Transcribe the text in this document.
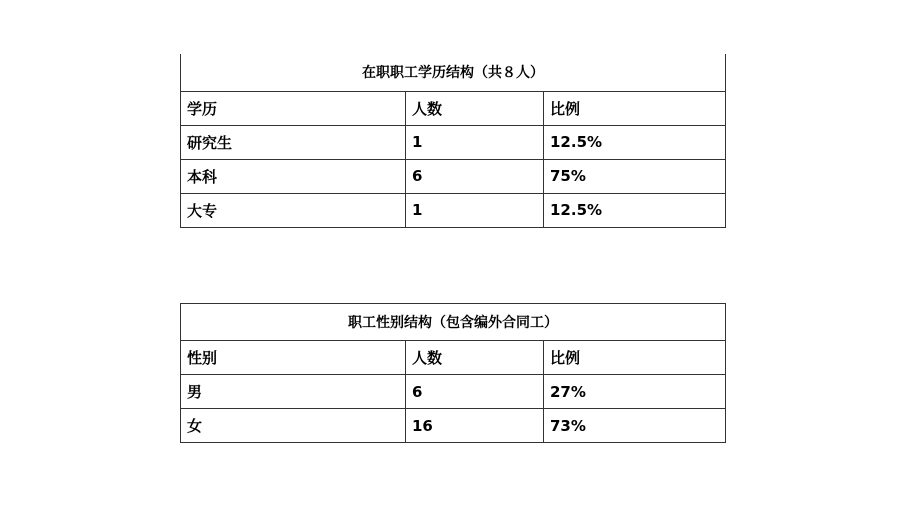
在职职工学历结构（共８人）		
学历	人数	比例
研究生	1	12.5%
本科	6	75%
大专	1	12.5%
职工性别结构（包含编外合同工）		
性别	人数	比例
男	6	27%
女	16	73%
